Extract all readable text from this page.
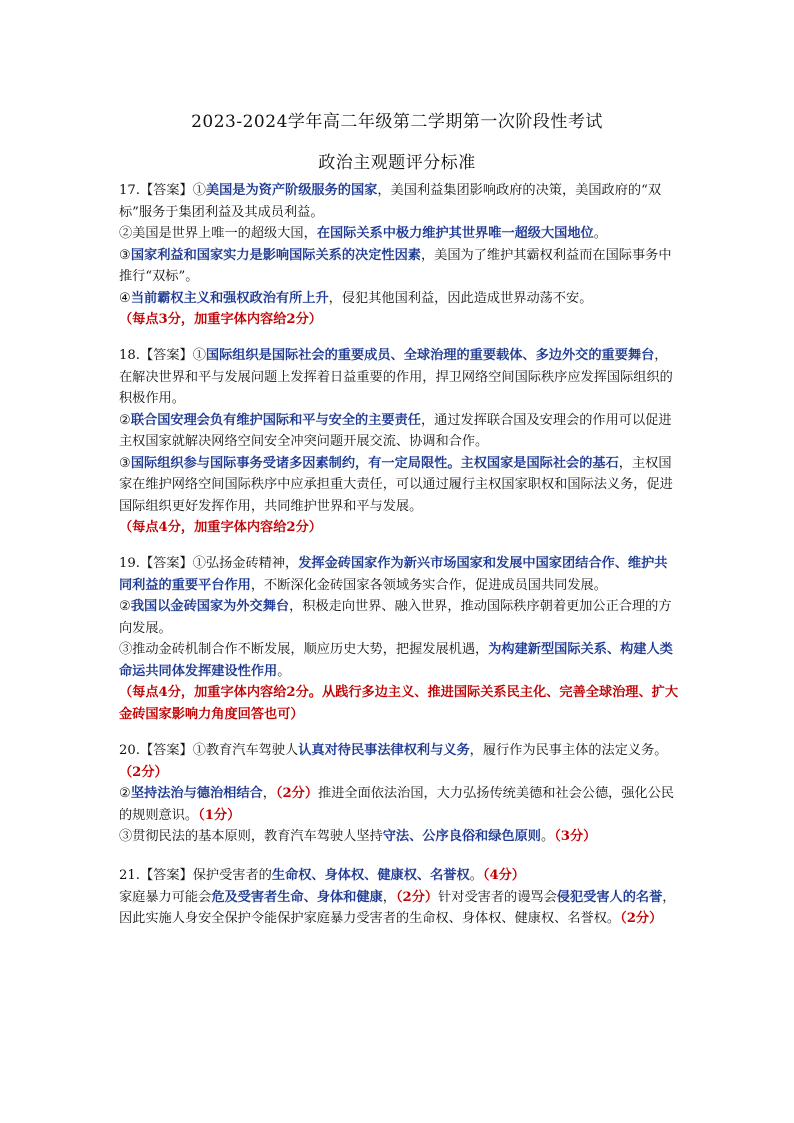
2023-2024学年高二年级第二学期第一次阶段性考试
政治主观题评分标准

17.【答案】①美国是为资产阶级服务的国家，美国利益集团影响政府的决策，美国政府的“双标”服务于集团利益及其成员利益。

②美国是世界上唯一的超级大国，在国际关系中极力维护其世界唯一超级大国地位。

③国家利益和国家实力是影响国际关系的决定性因素，美国为了维护其霸权利益而在国际事务中推行“双标”。

④当前霸权主义和强权政治有所上升，侵犯其他国利益，因此造成世界动荡不安。

（每点3分，加重字体内容给2分）

18.【答案】①国际组织是国际社会的重要成员、全球治理的重要载体、多边外交的重要舞台，在解决世界和平与发展问题上发挥着日益重要的作用，捍卫网络空间国际秩序应发挥国际组织的积极作用。

②联合国安理会负有维护国际和平与安全的主要责任，通过发挥联合国及安理会的作用可以促进主权国家就解决网络空间安全冲突问题开展交流、协调和合作。

③国际组织参与国际事务受诸多因素制约，有一定局限性。主权国家是国际社会的基石，主权国家在维护网络空间国际秩序中应承担重大责任，可以通过履行主权国家职权和国际法义务，促进国际组织更好发挥作用，共同维护世界和平与发展。

（每点4分，加重字体内容给2分）

19.【答案】①弘扬金砖精神，发挥金砖国家作为新兴市场国家和发展中国家团结合作、维护共同利益的重要平台作用，不断深化金砖国家各领域务实合作，促进成员国共同发展。

②我国以金砖国家为外交舞台，积极走向世界、融入世界，推动国际秩序朝着更加公正合理的方向发展。

③推动金砖机制合作不断发展，顺应历史大势，把握发展机遇，为构建新型国际关系、构建人类命运共同体发挥建设性作用。

（每点4分，加重字体内容给2分。从践行多边主义、推进国际关系民主化、完善全球治理、扩大金砖国家影响力角度回答也可）

20.【答案】①教育汽车驾驶人认真对待民事法律权利与义务，履行作为民事主体的法定义务。（2分）

②坚持法治与德治相结合，（2分）推进全面依法治国，大力弘扬传统美德和社会公德，强化公民的规则意识。（1分）

③贯彻民法的基本原则，教育汽车驾驶人坚持守法、公序良俗和绿色原则。（3分）

21.【答案】保护受害者的生命权、身体权、健康权、名誉权。（4分）

家庭暴力可能会危及受害者生命、身体和健康，（2分）针对受害者的谩骂会侵犯受害人的名誉，因此实施人身安全保护令能保护家庭暴力受害者的生命权、身体权、健康权、名誉权。（2分）
